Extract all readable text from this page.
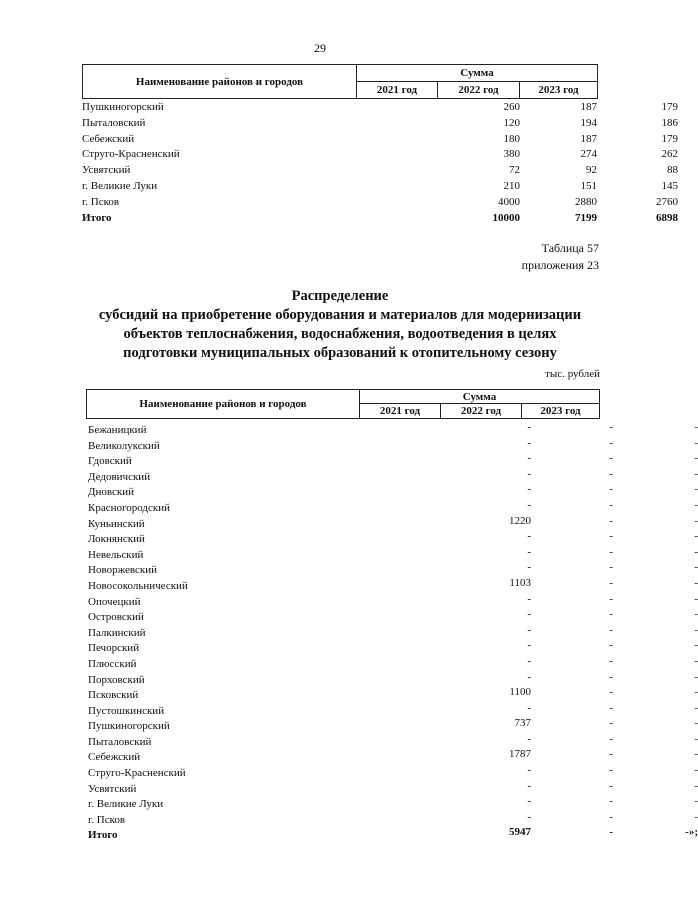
29
Наименование районов и городов	Сумма		
	2021 год	2022 год	2023 год
Пушкиногорский	260	187	179
Пыталовский	120	194	186
Себежский	180	187	179
Струго-Красненский	380	274	262
Усвятский	72	92	88
г. Великие Луки	210	151	145
г. Псков	4000	2880	2760
Итого	10000	7199	6898
Таблица 57
приложения 23
Распределение
субсидий на приобретение оборудования и материалов для модернизации
объектов теплоснабжения, водоснабжения, водоотведения в целях
подготовки муниципальных образований к отопительному сезону
тыс. рублей
Наименование районов и городов	Сумма		
	2021 год	2022 год	2023 год
Бежаницкий	-	-	-
Великолукский	-	-	-
Гдовский	-	-	-
Дедовичский	-	-	-
Дновский	-	-	-
Красногородский	-	-	-
Куньинский	1220	-	-
Локнянский	-	-	-
Невельский	-	-	-
Новоржевский	-	-	-
Новосокольнический	1103	-	-
Опочецкий	-	-	-
Островский	-	-	-
Палкинский	-	-	-
Печорский	-	-	-
Плюсский	-	-	-
Порховский	-	-	-
Псковский	1100	-	-
Пустошкинский	-	-	-
Пушкиногорский	737	-	-
Пыталовский	-	-	-
Себежский	1787	-	-
Струго-Красненский	-	-	-
Усвятский	-	-	-
г. Великие Луки	-	-	-
г. Псков	-	-	-
Итого	5947	-	-»;
